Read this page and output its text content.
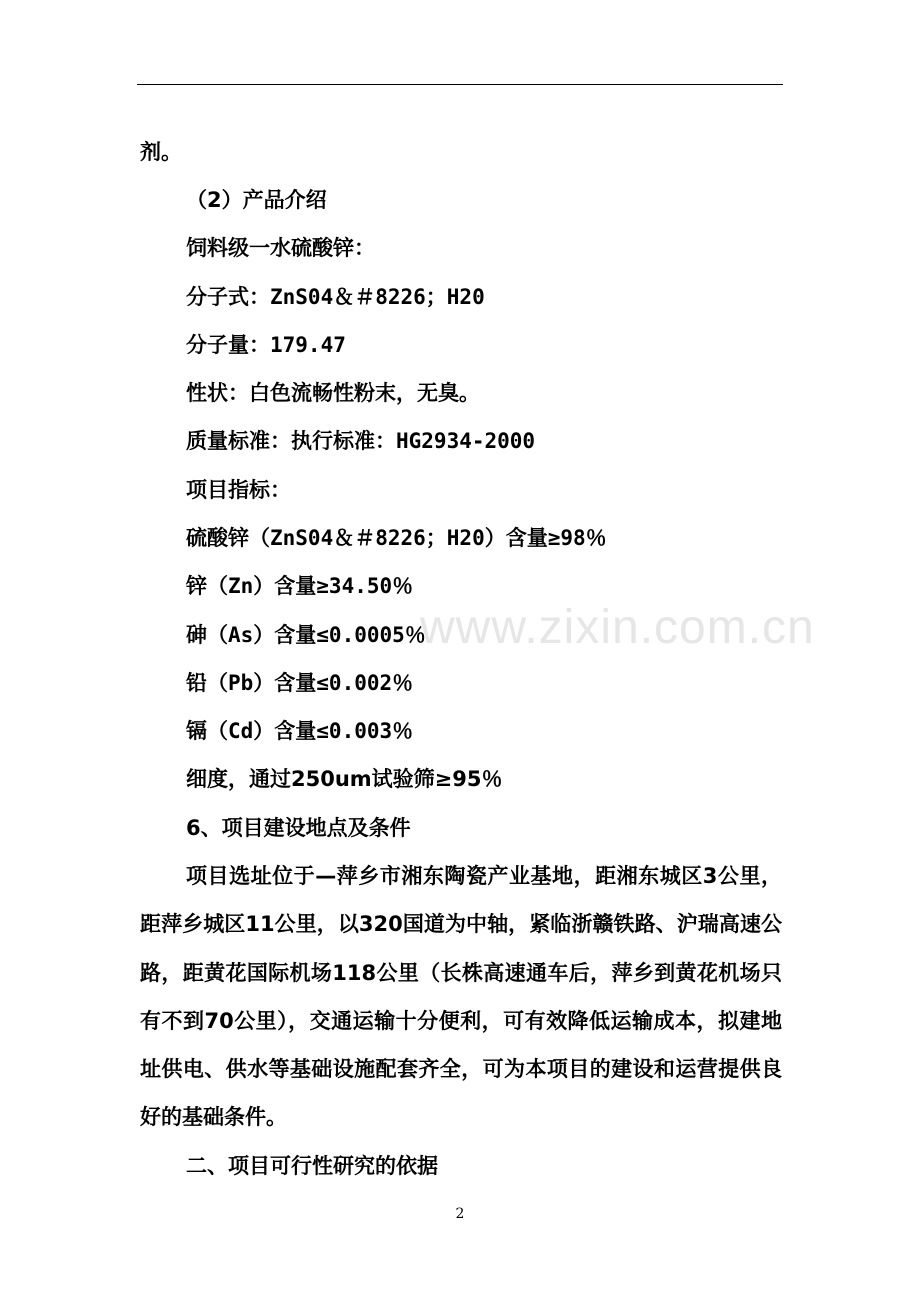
www.zixin.com.cn
剂。
（2）产品介绍
饲料级一水硫酸锌：
分子式：ZnS04＆＃8226；H20
分子量：179.47
性状：白色流畅性粉末，无臭。
质量标准：执行标准：HG2934-2000
项目指标：
硫酸锌（ZnS04＆＃8226；H20）含量≥98％
锌（Zn）含量≥34.50％
砷（As）含量≤0.0005％
铅（Pb）含量≤0.002％
镉（Cd）含量≤0.003％
细度，通过250um试验筛≥95％
6、项目建设地点及条件

项目选址位于—萍乡市湘东陶瓷产业基地，距湘东城区3公里，距萍乡城区11公里，以320国道为中轴，紧临浙赣铁路、沪瑞高速公路，距黄花国际机场118公里（长株高速通车后，萍乡到黄花机场只有不到70公里），交通运输十分便利，可有效降低运输成本，拟建地址供电、供水等基础设施配套齐全，可为本项目的建设和运营提供良好的基础条件。

二、项目可行性研究的依据
2
